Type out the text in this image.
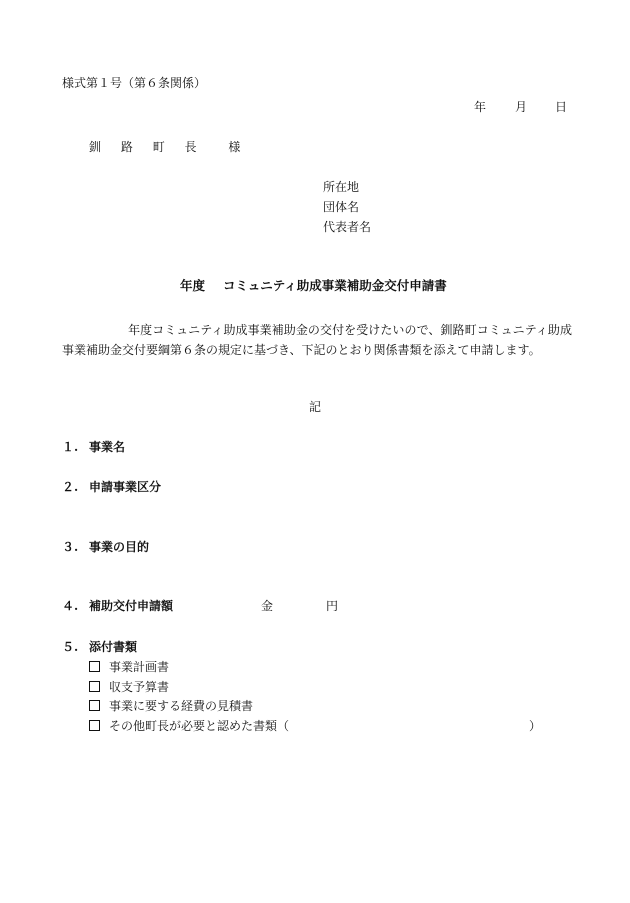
様式第１号（第６条関係）
年 月 日
釧 路 町 長	様
所在地
団体名
代表者名
年度 コミュニティ助成事業補助金交付申請書
年度コミュニティ助成事業補助金の交付を受けたいので、釧路町コミュニティ助成事業補助金交付要綱第６条の規定に基づき、下記のとおり関係書類を添えて申請します。
記
１. 事業名
２. 申請事業区分
３. 事業の目的
４. 補助交付申請額	金	円
５. 添付書類
事業計画書
収支予算書
事業に要する経費の見積書
その他町長が必要と認めた書類（	）
